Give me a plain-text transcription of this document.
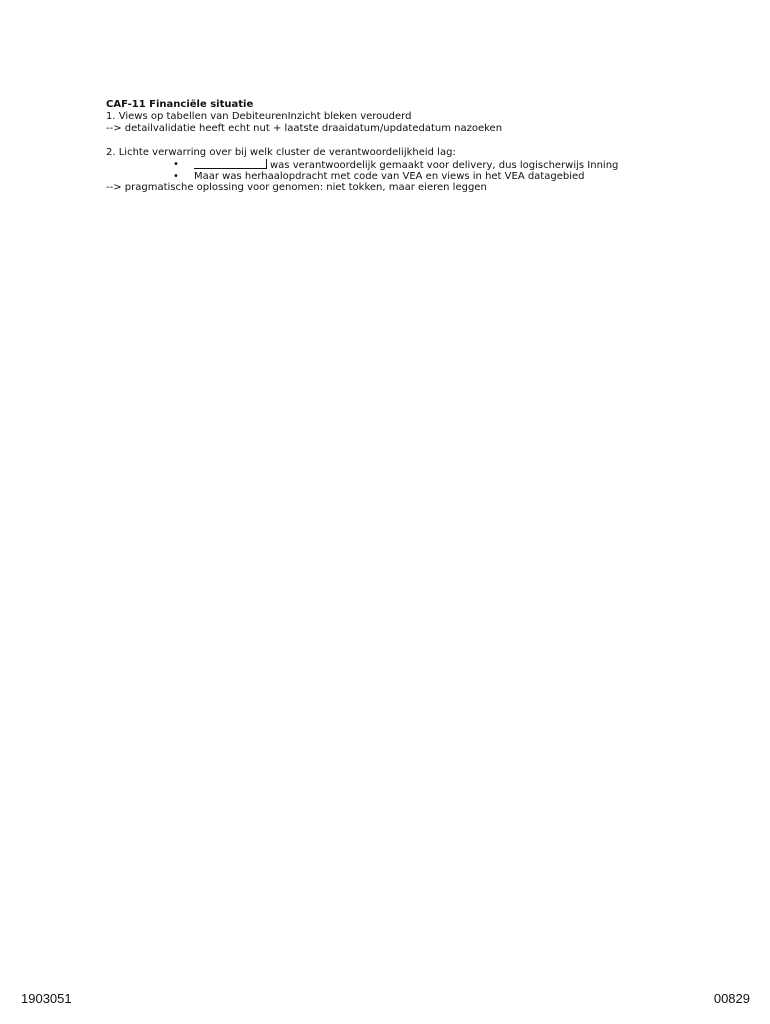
CAF-11 Financiële situatie

1. Views op tabellen van DebiteurenInzicht bleken verouderd

--> detailvalidatie heeft echt nut + laatste draaidatum/updatedatum nazoeken

2. Lichte verwarring over bij welk cluster de verantwoordelijkheid lag:

•	was verantwoordelijk gemaakt voor delivery, dus logischerwijs Inning
• Maar was herhaalopdracht met code van VEA en views in het VEA datagebied

--> pragmatische oplossing voor genomen: niet tokken, maar eieren leggen

1903051	00829
